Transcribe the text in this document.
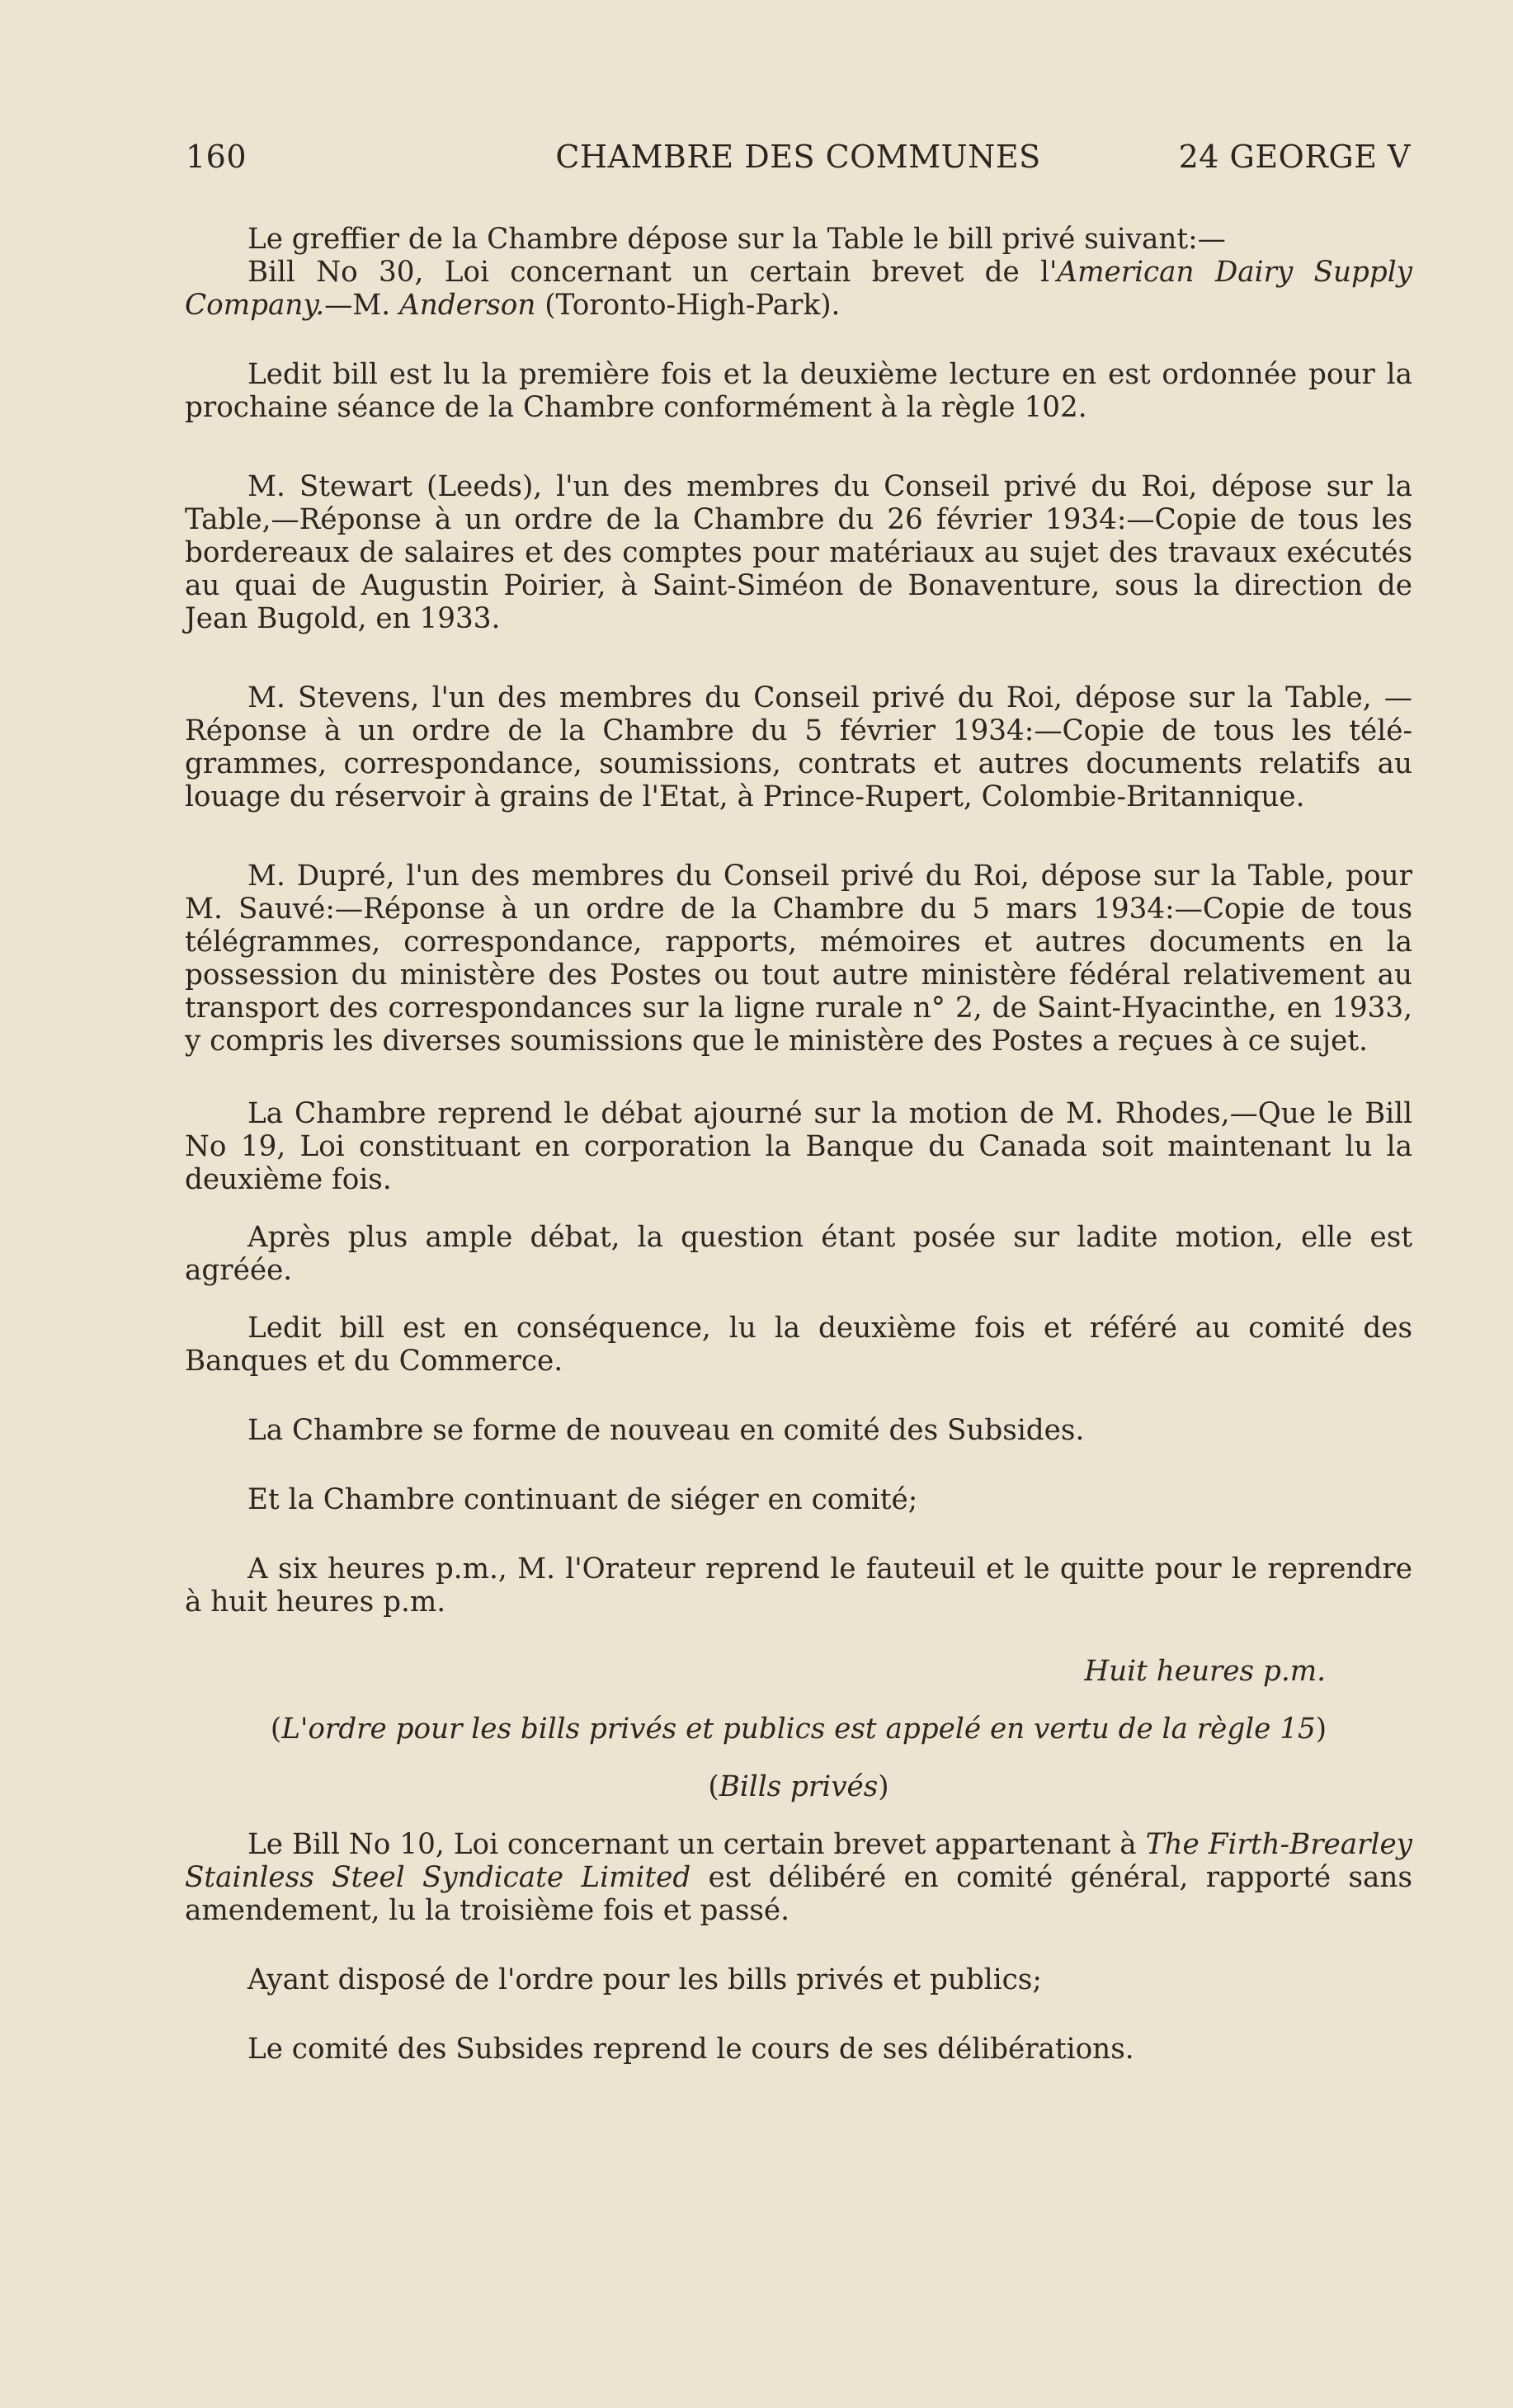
160	CHAMBRE DES COMMUNES	24 GEORGE V

Le greffier de la Chambre dépose sur la Table le bill privé suivant:—

Bill No 30, Loi concernant un certain brevet de l'American Dairy Supply Company.—M. Anderson (Toronto-High-Park).

Ledit bill est lu la première fois et la deuxième lecture en est ordonnée pour la prochaine séance de la Chambre conformément à la règle 102.

M. Stewart (Leeds), l'un des membres du Conseil privé du Roi, dépose sur la Table,—Réponse à un ordre de la Chambre du 26 février 1934:—Copie de tous les bordereaux de salaires et des comptes pour matériaux au sujet des travaux exécutés au quai de Augustin Poirier, à Saint-Siméon de Bonaventure, sous la direction de Jean Bugold, en 1933.

M. Stevens, l'un des membres du Conseil privé du Roi, dépose sur la Table, —Réponse à un ordre de la Chambre du 5 février 1934:—Copie de tous les télégrammes, correspondance, soumissions, contrats et autres documents relatifs au louage du réservoir à grains de l'Etat, à Prince-Rupert, Colombie-Britannique.

M. Dupré, l'un des membres du Conseil privé du Roi, dépose sur la Table, pour M. Sauvé:—Réponse à un ordre de la Chambre du 5 mars 1934:—Copie de tous télégrammes, correspondance, rapports, mémoires et autres documents en la possession du ministère des Postes ou tout autre ministère fédéral relativement au transport des correspondances sur la ligne rurale n° 2, de Saint-Hyacinthe, en 1933, y compris les diverses soumissions que le ministère des Postes a reçues à ce sujet.

La Chambre reprend le débat ajourné sur la motion de M. Rhodes,—Que le Bill No 19, Loi constituant en corporation la Banque du Canada soit maintenant lu la deuxième fois.

Après plus ample débat, la question étant posée sur ladite motion, elle est agréée.

Ledit bill est en conséquence, lu la deuxième fois et référé au comité des Banques et du Commerce.

La Chambre se forme de nouveau en comité des Subsides.

Et la Chambre continuant de siéger en comité;

A six heures p.m., M. l'Orateur reprend le fauteuil et le quitte pour le reprendre à huit heures p.m.

Huit heures p.m.

(L'ordre pour les bills privés et publics est appelé en vertu de la règle 15)

(Bills privés)

Le Bill No 10, Loi concernant un certain brevet appartenant à The Firth-Brearley Stainless Steel Syndicate Limited est délibéré en comité général, rapporté sans amendement, lu la troisième fois et passé.

Ayant disposé de l'ordre pour les bills privés et publics;

Le comité des Subsides reprend le cours de ses délibérations.
